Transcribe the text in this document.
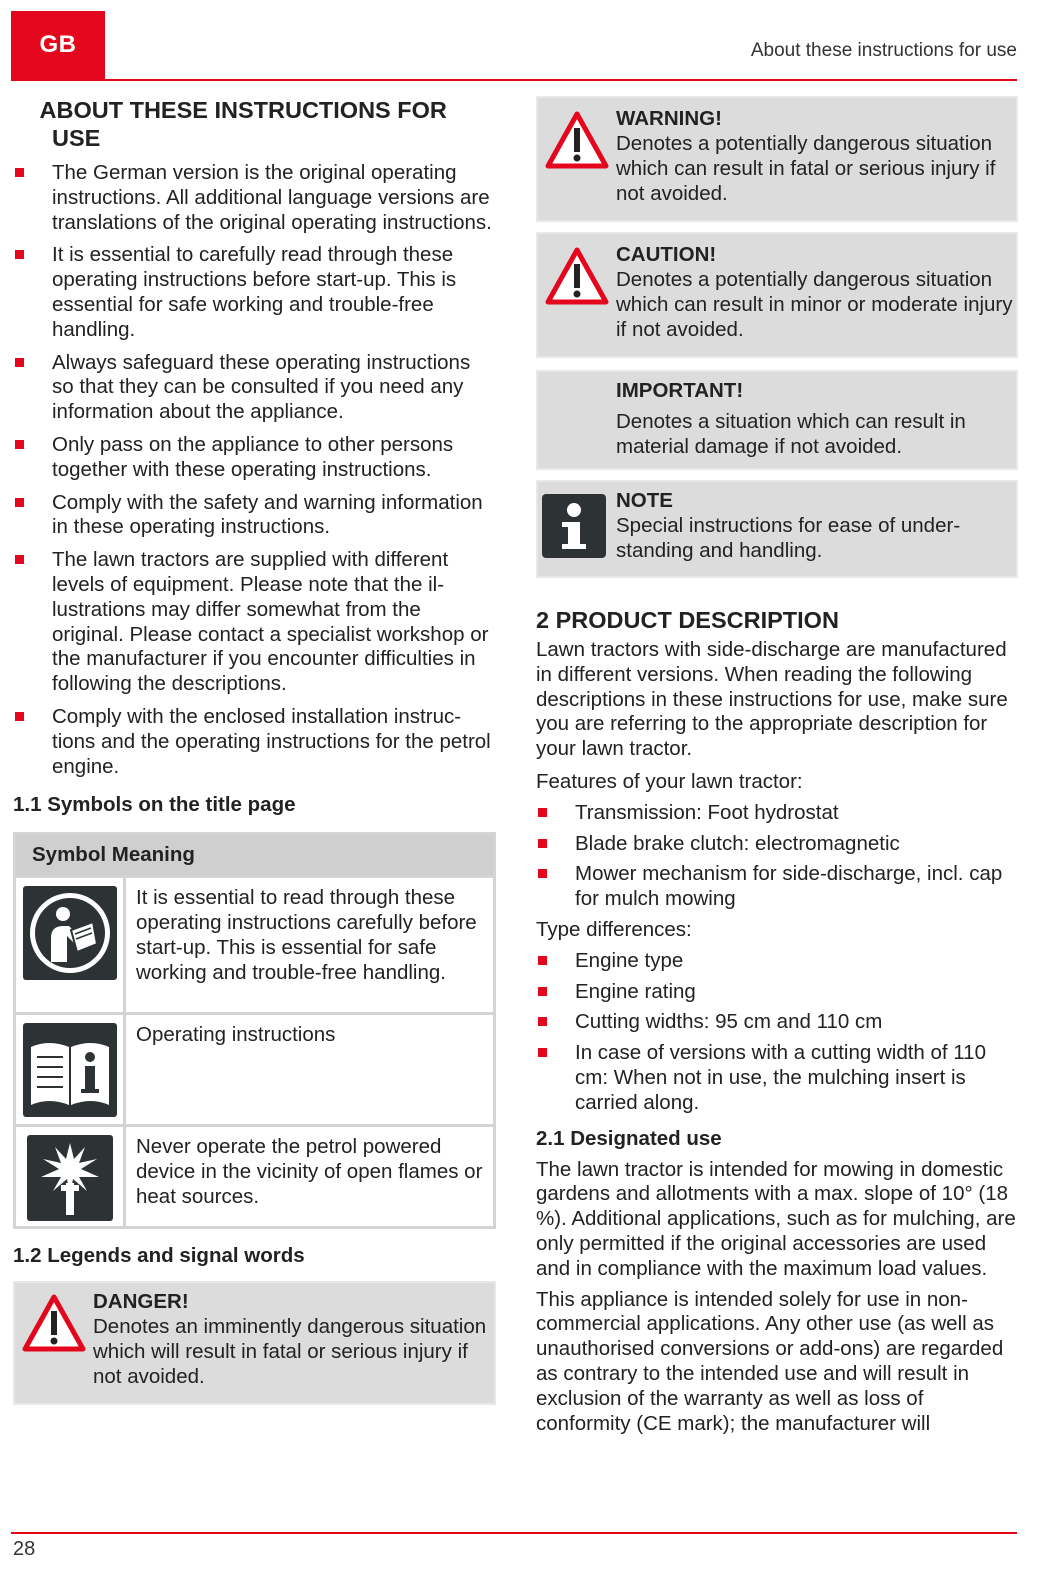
GB	About these instructions for use
ABOUT THESE INSTRUCTIONS FOR USE
The German version is the original operating instructions. All additional language versions are translations of the original operating instructions.
It is essential to carefully read through these operating instructions before start-up. This is essential for safe working and trouble-free handling.
Always safeguard these operating instructions so that they can be consulted if you need any information about the appliance.
Only pass on the appliance to other persons together with these operating instructions.
Comply with the safety and warning information in these operating instructions.
The lawn tractors are supplied with different levels of equipment. Please note that the illustrations may differ somewhat from the original. Please contact a specialist workshop or the manufacturer if you encounter difficulties in following the descriptions.
Comply with the enclosed installation instructions and the operating instructions for the petrol engine.
1.1 Symbols on the title page
Symbol Meaning
It is essential to read through these operating instructions carefully before start-up. This is essential for safe working and trouble-free handling.
Operating instructions
Never operate the petrol powered device in the vicinity of open flames or heat sources.
1.2 Legends and signal words
DANGER!
Denotes an imminently dangerous situation which will result in fatal or serious injury if not avoided.
WARNING!
Denotes a potentially dangerous situation which can result in fatal or serious injury if not avoided.
CAUTION!
Denotes a potentially dangerous situation which can result in minor or moderate injury if not avoided.
IMPORTANT!
Denotes a situation which can result in material damage if not avoided.
NOTE
Special instructions for ease of understanding and handling.
2 PRODUCT DESCRIPTION

Lawn tractors with side-discharge are manufactured in different versions. When reading the following descriptions in these instructions for use, make sure you are referring to the appropriate description for your lawn tractor.

Features of your lawn tractor:

Transmission: Foot hydrostat
Blade brake clutch: electromagnetic
Mower mechanism for side-discharge, incl. cap for mulch mowing

Type differences:

Engine type
Engine rating
Cutting widths: 95 cm and 110 cm
In case of versions with a cutting width of 110 cm: When not in use, the mulching insert is carried along.
2.1 Designated use

The lawn tractor is intended for mowing in domestic gardens and allotments with a max. slope of 10° (18 %). Additional applications, such as for mulching, are only permitted if the original accessories are used and in compliance with the maximum load values.

This appliance is intended solely for use in non-commercial applications. Any other use (as well as unauthorised conversions or add-ons) are regarded as contrary to the intended use and will result in exclusion of the warranty as well as loss of conformity (CE mark); the manufacturer will

28
